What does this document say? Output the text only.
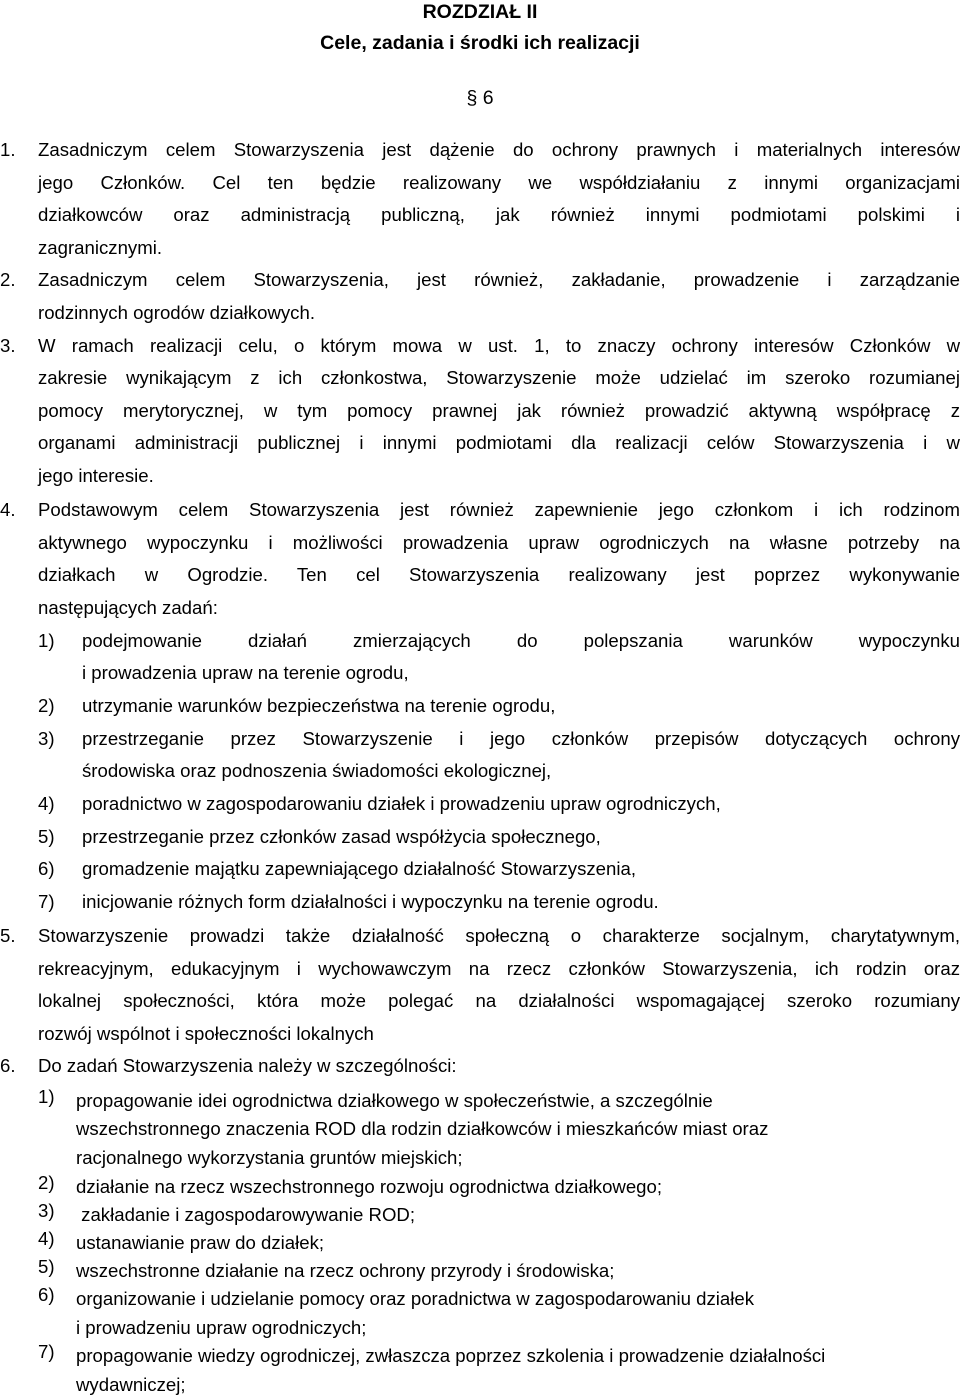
ROZDZIAŁ II
Cele, zadania i środki ich realizacji
§ 6
1. Zasadniczym celem Stowarzyszenia jest dążenie do ochrony prawnych i materialnych interesów
jego Członków. Cel ten będzie realizowany we współdziałaniu z innymi organizacjami
działkowców oraz administracją publiczną, jak również innymi podmiotami polskimi i
zagranicznymi.
2. Zasadniczym celem Stowarzyszenia, jest również, zakładanie, prowadzenie i zarządzanie
rodzinnych ogrodów działkowych.
3. W ramach realizacji celu, o którym mowa w ust. 1, to znaczy ochrony interesów Członków w
zakresie wynikającym z ich członkostwa, Stowarzyszenie może udzielać im szeroko rozumianej
pomocy merytorycznej, w tym pomocy prawnej jak również prowadzić aktywną współpracę z
organami administracji publicznej i innymi podmiotami dla realizacji celów Stowarzyszenia i w
jego interesie.
4. Podstawowym celem Stowarzyszenia jest również zapewnienie jego członkom i ich rodzinom
aktywnego wypoczynku i możliwości prowadzenia upraw ogrodniczych na własne potrzeby na
działkach w Ogrodzie. Ten cel Stowarzyszenia realizowany jest poprzez wykonywanie
następujących zadań:
1) podejmowanie działań zmierzających do polepszania warunków wypoczynku
i prowadzenia upraw na terenie ogrodu,
2) utrzymanie warunków bezpieczeństwa na terenie ogrodu,
3) przestrzeganie przez Stowarzyszenie i jego członków przepisów dotyczących ochrony
środowiska oraz podnoszenia świadomości ekologicznej,
4) poradnictwo w zagospodarowaniu działek i prowadzeniu upraw ogrodniczych,
5) przestrzeganie przez członków zasad współżycia społecznego,
6) gromadzenie majątku zapewniającego działalność Stowarzyszenia,
7) inicjowanie różnych form działalności i wypoczynku na terenie ogrodu.
5. Stowarzyszenie prowadzi także działalność społeczną o charakterze socjalnym, charytatywnym,
rekreacyjnym, edukacyjnym i wychowawczym na rzecz członków Stowarzyszenia, ich rodzin oraz
lokalnej społeczności, która może polegać na działalności wspomagającej szeroko rozumiany
rozwój wspólnot i społeczności lokalnych
6. Do zadań Stowarzyszenia należy w szczególności:
1) propagowanie idei ogrodnictwa działkowego w społeczeństwie, a szczególnie
wszechstronnego znaczenia ROD dla rodzin działkowców i mieszkańców miast oraz
racjonalnego wykorzystania gruntów miejskich;
2) działanie na rzecz wszechstronnego rozwoju ogrodnictwa działkowego;
3) zakładanie i zagospodarowywanie ROD;
4) ustanawianie praw do działek;
5) wszechstronne działanie na rzecz ochrony przyrody i środowiska;
6) organizowanie i udzielanie pomocy oraz poradnictwa w zagospodarowaniu działek
i prowadzeniu upraw ogrodniczych;
7) propagowanie wiedzy ogrodniczej, zwłaszcza poprzez szkolenia i prowadzenie działalności
wydawniczej;
